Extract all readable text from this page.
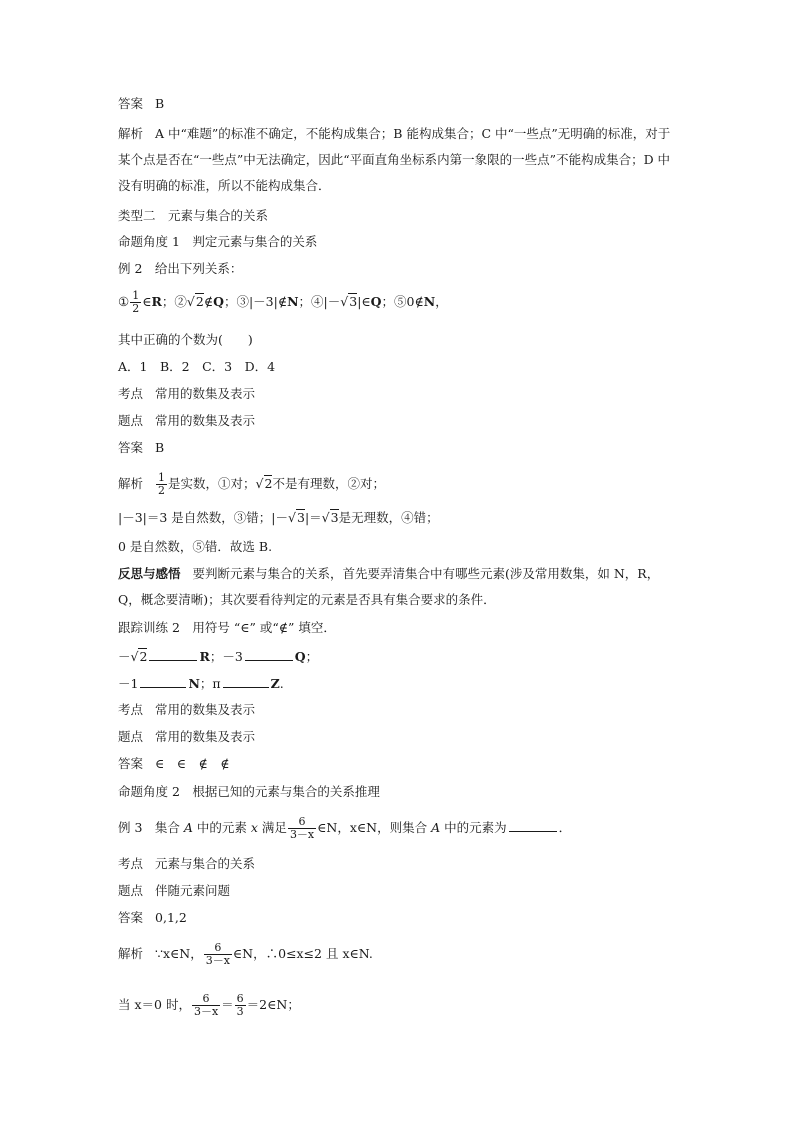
答案 B
解析 A 中“难题”的标准不确定，不能构成集合；B 能构成集合；C 中“一些点”无明确的标准，对于某个点是否在“一些点”中无法确定，因此“平面直角坐标系内第一象限的一些点”不能构成集合；D 中没有明确的标准，所以不能构成集合．
类型二　元素与集合的关系
命题角度 1　判定元素与集合的关系
例 2　给出下列关系：
① $\frac{1}{2}$ ∈R；②√2∉Q；③|－3|∉N；④|－√3|∈Q；⑤0∉N，
其中正确的个数为(　　)
A．1　B．2　C．3　D．4
考点 常用的数集及表示
题点 常用的数集及表示
答案 B
解析 $\frac{1}{2}$ 是实数，①对；√2不是有理数，②对；
|－3|＝3 是自然数，③错；|－√3|＝√3是无理数，④错；
0 是自然数，⑤错．故选 B.
反思与感悟 要判断元素与集合的关系，首先要弄清集合中有哪些元素(涉及常用数集，如 N，R，Q，概念要清晰)；其次要看待判定的元素是否具有集合要求的条件．
跟踪训练 2　用符号 “∈” 或“∉” 填空．
－√2	R；－3	Q；
－1	N；π	Z.
考点 常用的数集及表示
题点 常用的数集及表示
答案 ∈　∈　∉　∉
命题角度 2　根据已知的元素与集合的关系推理
例 3　集合 A 中的元素 x 满足 $\frac{6}{3-x}$ ∈N，x∈N，则集合 A 中的元素为	．
考点 元素与集合的关系
题点 伴随元素问题
答案 0,1,2
解析 ∵x∈N， $\frac{6}{3-x}$ ∈N，∴0≤x≤2 且 x∈N.
当 x＝0 时， $\frac{6}{3-x} = \frac{6}{3}$ ＝2∈N；
